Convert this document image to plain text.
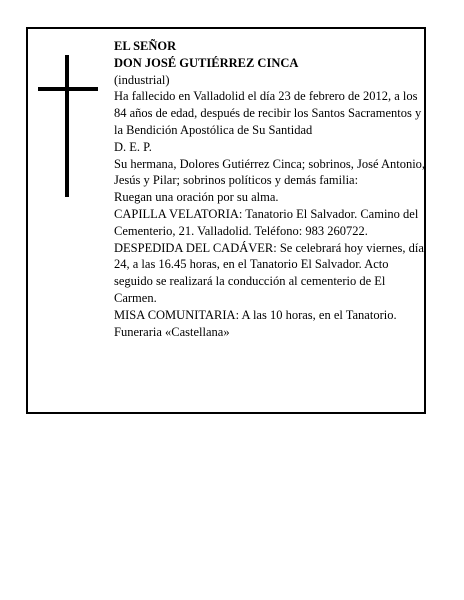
EL SEÑOR

DON JOSÉ GUTIÉRREZ CINCA

(industrial)

Ha fallecido en Valladolid el día 23 de febrero de 2012, a los 84 años de edad, después de recibir los Santos Sacramentos y la Bendición Apostólica de Su Santidad

D. E. P.

Su hermana, Dolores Gutiérrez Cinca; sobrinos, José Antonio, Jesús y Pilar; sobrinos políticos y demás familia:

Ruegan una oración por su alma.

CAPILLA VELATORIA: Tanatorio El Salvador. Camino del Cementerio, 21. Valladolid. Teléfono: 983 260722.

DESPEDIDA DEL CADÁVER: Se celebrará hoy viernes, día 24, a las 16.45 horas, en el Tanatorio El Salvador. Acto seguido se realizará la conducción al cementerio de El Carmen.

MISA COMUNITARIA: A las 10 horas, en el Tanatorio.

Funeraria «Castellana»
